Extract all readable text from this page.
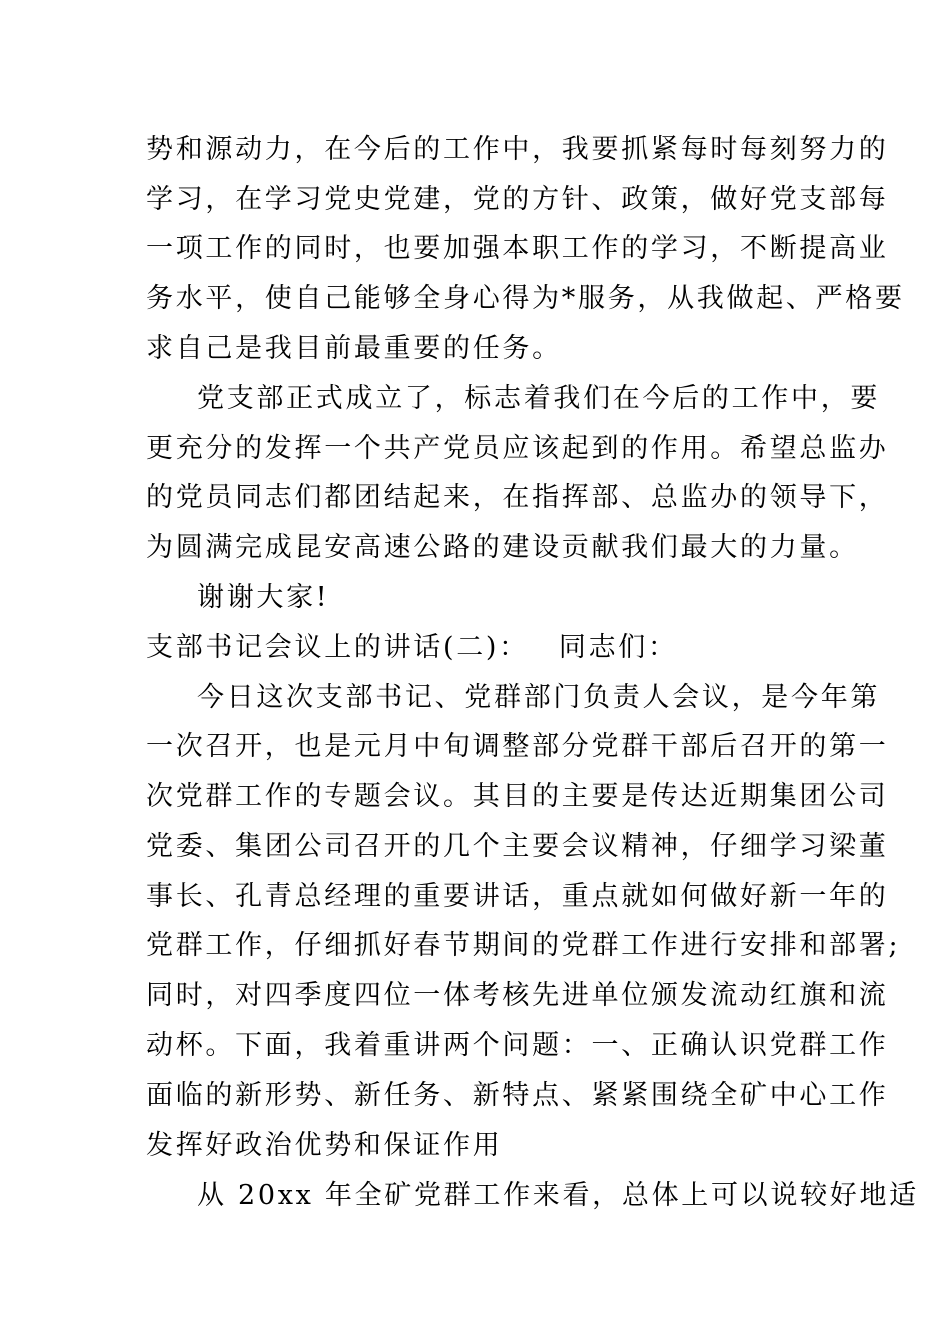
势和源动力，在今后的工作中，我要抓紧每时每刻努力的
学习，在学习党史党建，党的方针、政策，做好党支部每
一项工作的同时，也要加强本职工作的学习，不断提高业
务水平，使自己能够全身心得为*服务，从我做起、严格要
求自己是我目前最重要的任务。
党支部正式成立了，标志着我们在今后的工作中，要
更充分的发挥一个共产党员应该起到的作用。希望总监办
的党员同志们都团结起来，在指挥部、总监办的领导下，
为圆满完成昆安高速公路的建设贡献我们最大的力量。
谢谢大家!
支部书记会议上的讲话(二)： 同志们：
今日这次支部书记、党群部门负责人会议，是今年第
一次召开，也是元月中旬调整部分党群干部后召开的第一
次党群工作的专题会议。其目的主要是传达近期集团公司
党委、集团公司召开的几个主要会议精神，仔细学习梁董
事长、孔青总经理的重要讲话，重点就如何做好新一年的
党群工作，仔细抓好春节期间的党群工作进行安排和部署;
同时，对四季度四位一体考核先进单位颁发流动红旗和流
动杯。下面，我着重讲两个问题：一、正确认识党群工作
面临的新形势、新任务、新特点、紧紧围绕全矿中心工作
发挥好政治优势和保证作用
从 20xx 年全矿党群工作来看，总体上可以说较好地适
